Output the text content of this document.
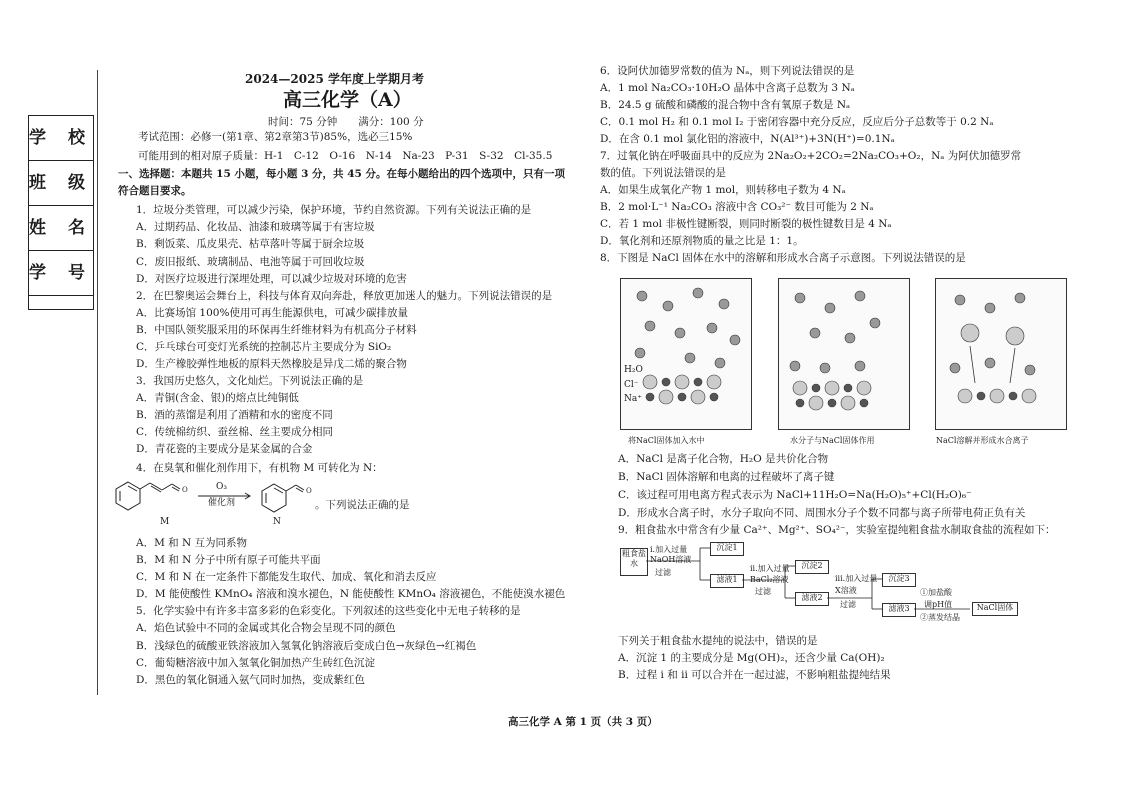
学 校
班 级
姓 名
学 号
2024—2025 学年度上学期月考
高三化学（A）
时间：75 分钟　　满分：100 分
考试范围：必修一(第1章、第2章第3节)85%，选必三15%
可能用到的相对原子质量：H-1　C-12　O-16　N-14　Na-23　P-31　S-32　Cl-35.5
一、选择题：本题共 15 小题，每小题 3 分，共 45 分。在每小题给出的四个选项中，只有一项
符合题目要求。
1．垃圾分类管理，可以减少污染，保护环境，节约自然资源。下列有关说法正确的是
A．过期药品、化妆品、油漆和玻璃等属于有害垃圾
B．剩饭菜、瓜皮果壳、枯草落叶等属于厨余垃圾
C．废旧报纸、玻璃制品、电池等属于可回收垃圾
D．对医疗垃圾进行深埋处理，可以减少垃圾对环境的危害
2．在巴黎奥运会舞台上，科技与体育双向奔赴，释放更加迷人的魅力。下列说法错误的是
A．比赛场馆 100%使用可再生能源供电，可减少碳排放量
B．中国队领奖服采用的环保再生纤维材料为有机高分子材料
C．乒乓球台可变灯光系统的控制芯片主要成分为 SiO₂
D．生产橡胶弹性地板的原料天然橡胶是异戊二烯的聚合物
3．我国历史悠久，文化灿烂。下列说法正确的是
A．青铜(含金、银)的熔点比纯铜低
B．酒的蒸馏是利用了酒精和水的密度不同
C．传统棉纺织、蚕丝棉、丝主要成分相同
D．青花瓷的主要成分是某金属的合金
4．在臭氧和催化剂作用下，有机物 M 可转化为 N：
O	O
O₃
催化剂
M	N
。下列说法正确的是
A．M 和 N 互为同系物
B．M 和 N 分子中所有原子可能共平面
C．M 和 N 在一定条件下都能发生取代、加成、氧化和消去反应
D．M 能使酸性 KMnO₄ 溶液和溴水褪色，N 能使酸性 KMnO₄ 溶液褪色，不能使溴水褪色
5．化学实验中有许多丰富多彩的色彩变化。下列叙述的这些变化中无电子转移的是
A．焰色试验中不同的金属或其化合物会呈现不同的颜色
B．浅绿色的硫酸亚铁溶液加入氢氧化钠溶液后变成白色→灰绿色→红褐色
C．葡萄糖溶液中加入氢氧化铜加热产生砖红色沉淀
D．黑色的氧化铜通入氨气同时加热，变成紫红色
6．设阿伏加德罗常数的值为 Nₐ，则下列说法错误的是
A．1 mol Na₂CO₃·10H₂O 晶体中含离子总数为 3 Nₐ
B．24.5 g 硫酸和磷酸的混合物中含有氧原子数是 Nₐ
C．0.1 mol H₂ 和 0.1 mol I₂ 于密闭容器中充分反应，反应后分子总数等于 0.2 Nₐ
D．在含 0.1 mol 氯化铝的溶液中，N(Al³⁺)+3N(H⁺)=0.1Nₐ
7．过氧化钠在呼吸面具中的反应为 2Na₂O₂+2CO₂=2Na₂CO₃+O₂，Nₐ 为阿伏加德罗常
数的值。下列说法错误的是
A．如果生成氧化产物 1 mol，则转移电子数为 4 Nₐ
B．2 mol·L⁻¹ Na₂CO₃ 溶液中含 CO₃²⁻ 数目可能为 2 Nₐ
C．若 1 mol 非极性键断裂，则同时断裂的极性键数目是 4 Nₐ
D．氧化剂和还原剂物质的量之比是 1：1。
8．下图是 NaCl 固体在水中的溶解和形成水合离子示意图。下列说法错误的是
H₂O
Cl⁻
Na⁺
将NaCl固体加入水中	水分子与NaCl固体作用	NaCl溶解并形成水合离子
A．NaCl 是离子化合物，H₂O 是共价化合物
B．NaCl 固体溶解和电离的过程破坏了离子键
C．该过程可用电离方程式表示为 NaCl+11H₂O=Na(H₂O)₅⁺+Cl(H₂O)₆⁻
D．形成水合离子时，水分子取向不同、周围水分子个数不同都与离子所带电荷正负有关
9．粗食盐水中常含有少量 Ca²⁺、Mg²⁺、SO₄²⁻，实验室提纯粗食盐水制取食盐的流程如下：
粗食盐水
i.加入过量
NaOH溶液
过滤
沉淀1
滤液1
ii.加入过量
BaCl₂溶液
过滤
沉淀2
滤液2
iii.加入过量
X溶液
过滤
沉淀3
滤液3
①加盐酸
调pH值
②蒸发结晶
NaCl固体
下列关于粗食盐水提纯的说法中，错误的是
A．沉淀 1 的主要成分是 Mg(OH)₂，还含少量 Ca(OH)₂
B．过程 i 和 ii 可以合并在一起过滤，不影响粗盐提纯结果
高三化学 A 第 1 页（共 3 页）
